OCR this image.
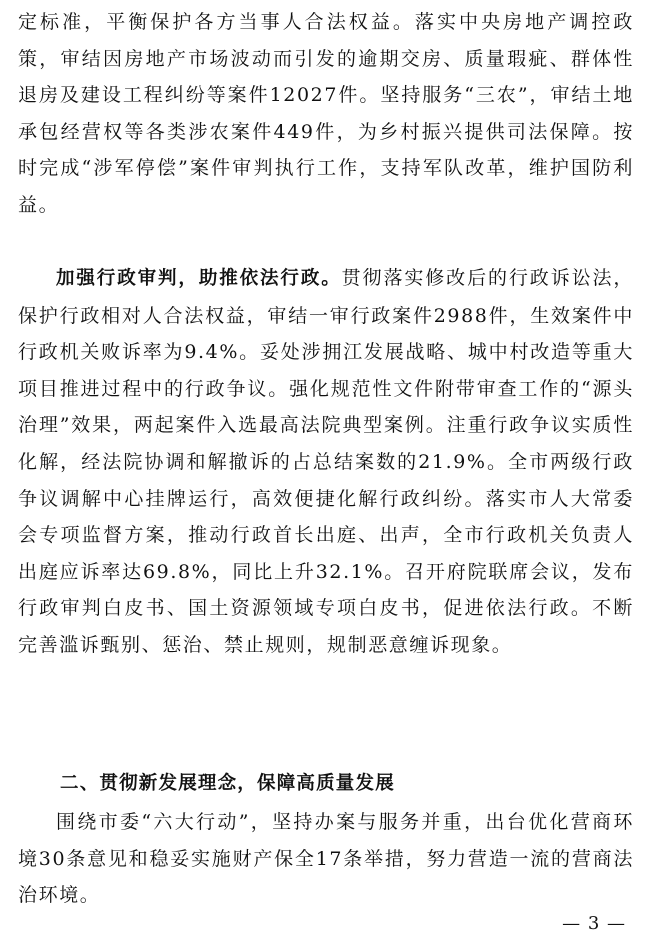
定标准，平衡保护各方当事人合法权益。落实中央房地产调控政策，审结因房地产市场波动而引发的逾期交房、质量瑕疵、群体性退房及建设工程纠纷等案件12027件。坚持服务“三农”，审结土地承包经营权等各类涉农案件449件，为乡村振兴提供司法保障。按时完成“涉军停偿”案件审判执行工作，支持军队改革，维护国防利益。

加强行政审判，助推依法行政。贯彻落实修改后的行政诉讼法，保护行政相对人合法权益，审结一审行政案件2988件，生效案件中行政机关败诉率为9.4%。妥处涉拥江发展战略、城中村改造等重大项目推进过程中的行政争议。强化规范性文件附带审查工作的“源头治理”效果，两起案件入选最高法院典型案例。注重行政争议实质性化解，经法院协调和解撤诉的占总结案数的21.9%。全市两级行政争议调解中心挂牌运行，高效便捷化解行政纠纷。落实市人大常委会专项监督方案，推动行政首长出庭、出声，全市行政机关负责人出庭应诉率达69.8%，同比上升32.1%。召开府院联席会议，发布行政审判白皮书、国土资源领域专项白皮书，促进依法行政。不断完善滥诉甄别、惩治、禁止规则，规制恶意缠诉现象。

二、贯彻新发展理念，保障高质量发展

围绕市委“六大行动”，坚持办案与服务并重，出台优化营商环境30条意见和稳妥实施财产保全17条举措，努力营造一流的营商法治环境。

— 3 —
